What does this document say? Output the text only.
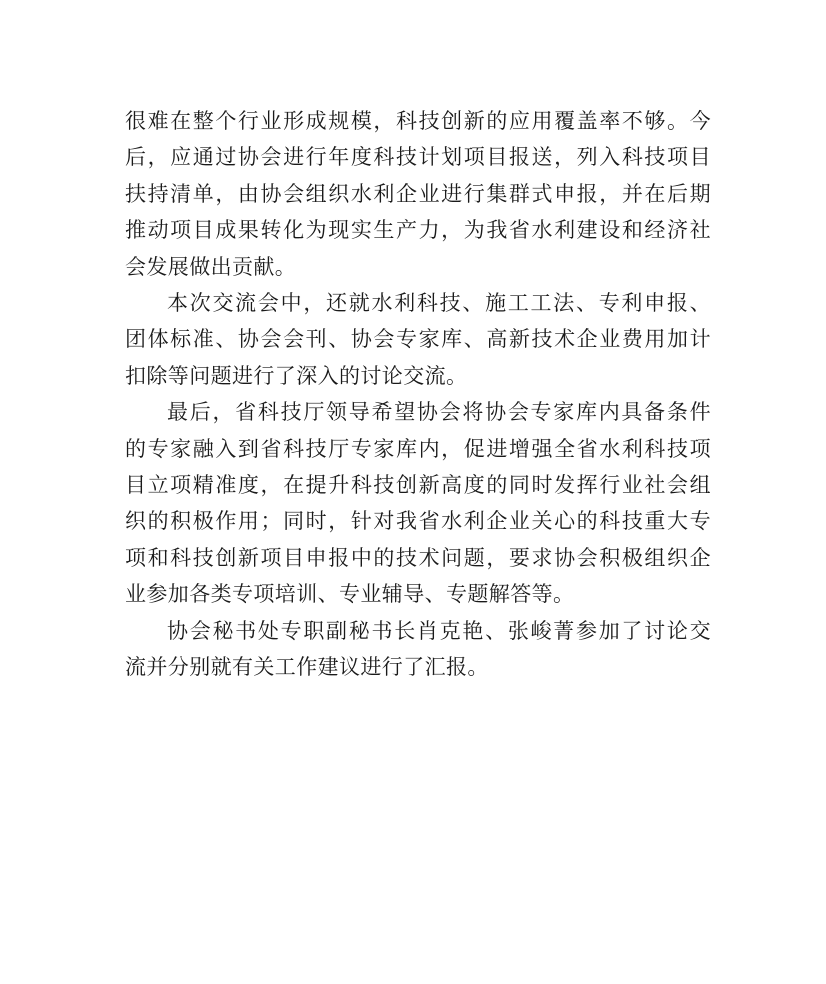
很难在整个行业形成规模，科技创新的应用覆盖率不够。今
后，应通过协会进行年度科技计划项目报送，列入科技项目
扶持清单，由协会组织水利企业进行集群式申报，并在后期
推动项目成果转化为现实生产力，为我省水利建设和经济社
会发展做出贡献。
本次交流会中，还就水利科技、施工工法、专利申报、
团体标准、协会会刊、协会专家库、高新技术企业费用加计
扣除等问题进行了深入的讨论交流。
最后，省科技厅领导希望协会将协会专家库内具备条件
的专家融入到省科技厅专家库内，促进增强全省水利科技项
目立项精准度，在提升科技创新高度的同时发挥行业社会组
织的积极作用；同时，针对我省水利企业关心的科技重大专
项和科技创新项目申报中的技术问题，要求协会积极组织企
业参加各类专项培训、专业辅导、专题解答等。
协会秘书处专职副秘书长肖克艳、张峻菁参加了讨论交
流并分别就有关工作建议进行了汇报。
